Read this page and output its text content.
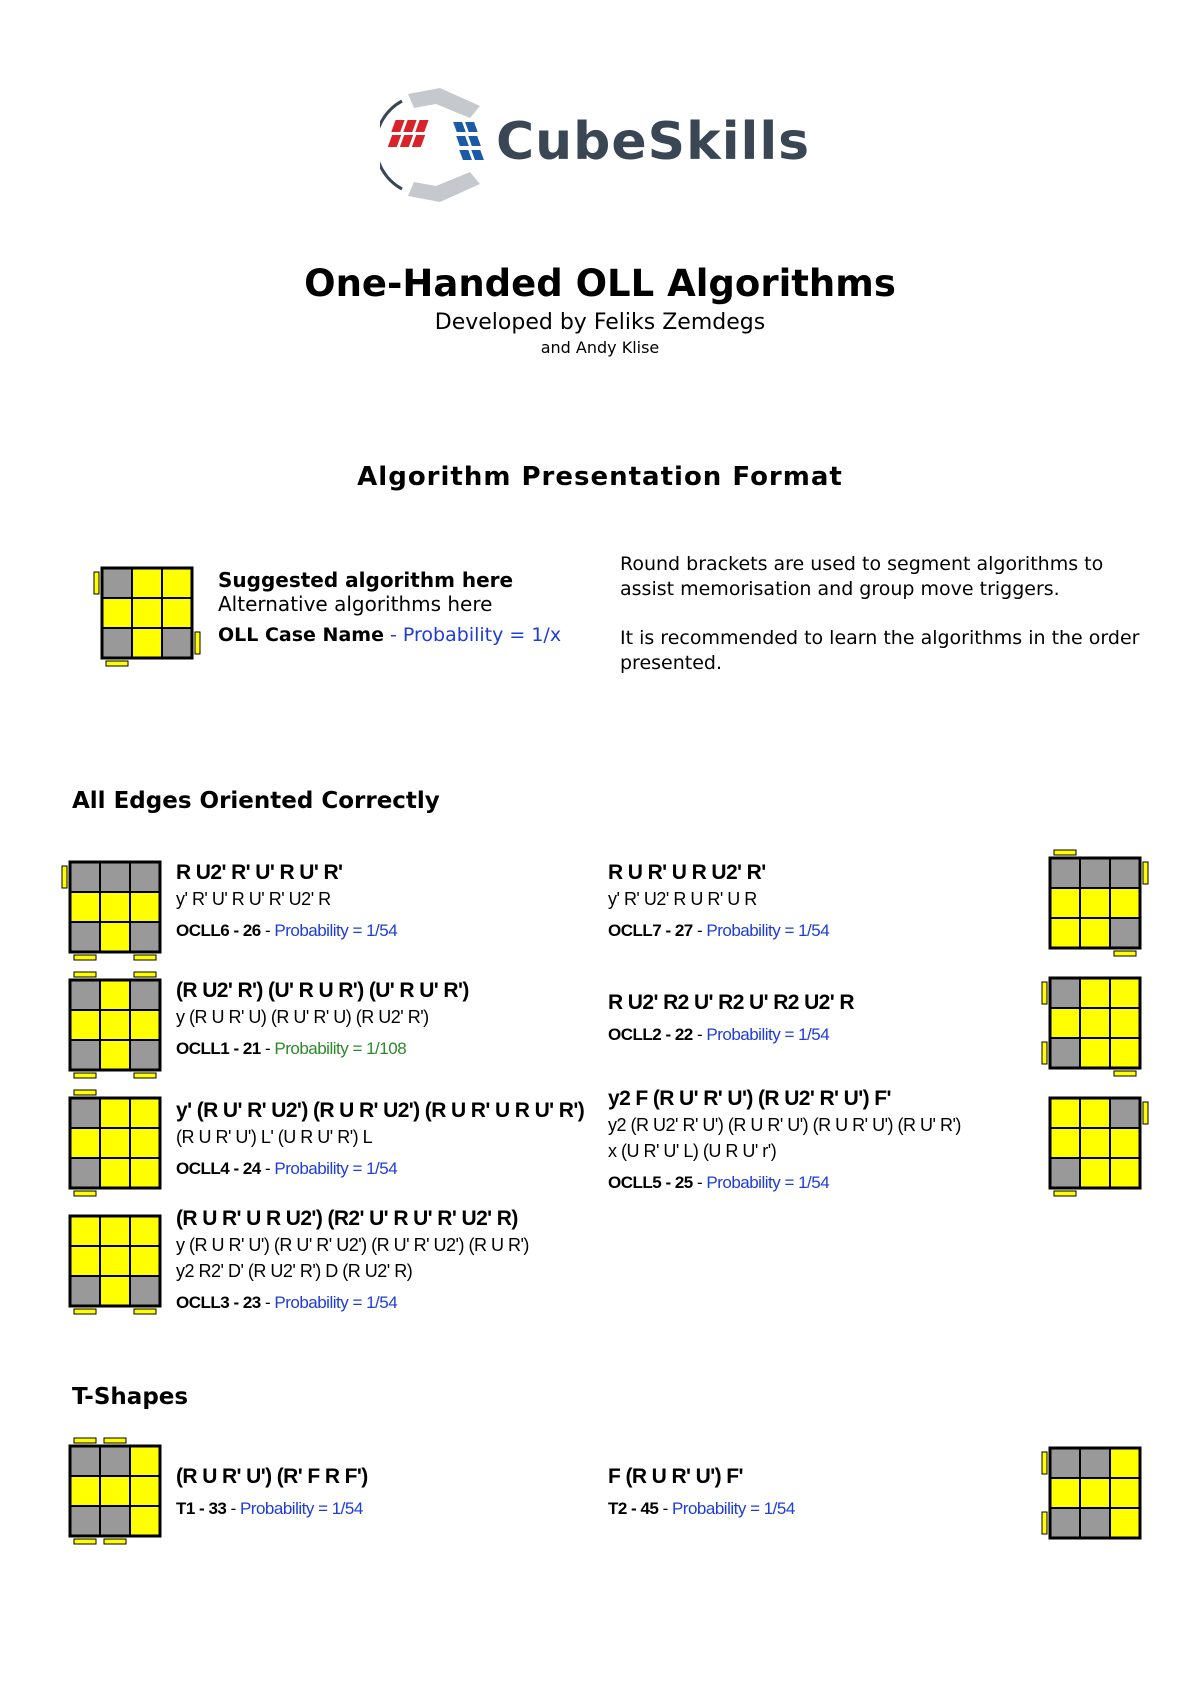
CubeSkills
One-Handed OLL Algorithms
Developed by Feliks Zemdegs
and Andy Klise
Algorithm Presentation Format
Suggested algorithm here
Alternative algorithms here
OLL Case Name - Probability = 1/x
Round brackets are used to segment algorithms to assist memorisation and group move triggers.
It is recommended to learn the algorithms in the order presented.
All Edges Oriented Correctly
R U2' R' U' R U' R'
y' R' U' R U' R' U2' R
OCLL6 - 26 - Probability = 1/54
R U R' U R U2' R'
y' R' U2' R U R' U R
OCLL7 - 27 - Probability = 1/54
(R U2' R') (U' R U R') (U' R U' R')
y (R U R' U) (R U' R' U) (R U2' R')
OCLL1 - 21 - Probability = 1/108
R U2' R2 U' R2 U' R2 U2' R
OCLL2 - 22 - Probability = 1/54
y' (R U' R' U2') (R U R' U2') (R U R' U R U' R')
(R U R' U') L' (U R U' R') L
OCLL4 - 24 - Probability = 1/54
y2 F (R U' R' U') (R U2' R' U') F'
y2 (R U2' R' U') (R U R' U') (R U R' U') (R U' R')
x (U R' U' L) (U R U' r')
OCLL5 - 25 - Probability = 1/54
(R U R' U R U2') (R2' U' R U' R' U2' R)
y (R U R' U') (R U' R' U2') (R U' R' U2') (R U R')
y2 R2' D' (R U2' R') D (R U2' R)
OCLL3 - 23 - Probability = 1/54
T-Shapes
(R U R' U') (R' F R F')
T1 - 33 - Probability = 1/54
F (R U R' U') F'
T2 - 45 - Probability = 1/54
